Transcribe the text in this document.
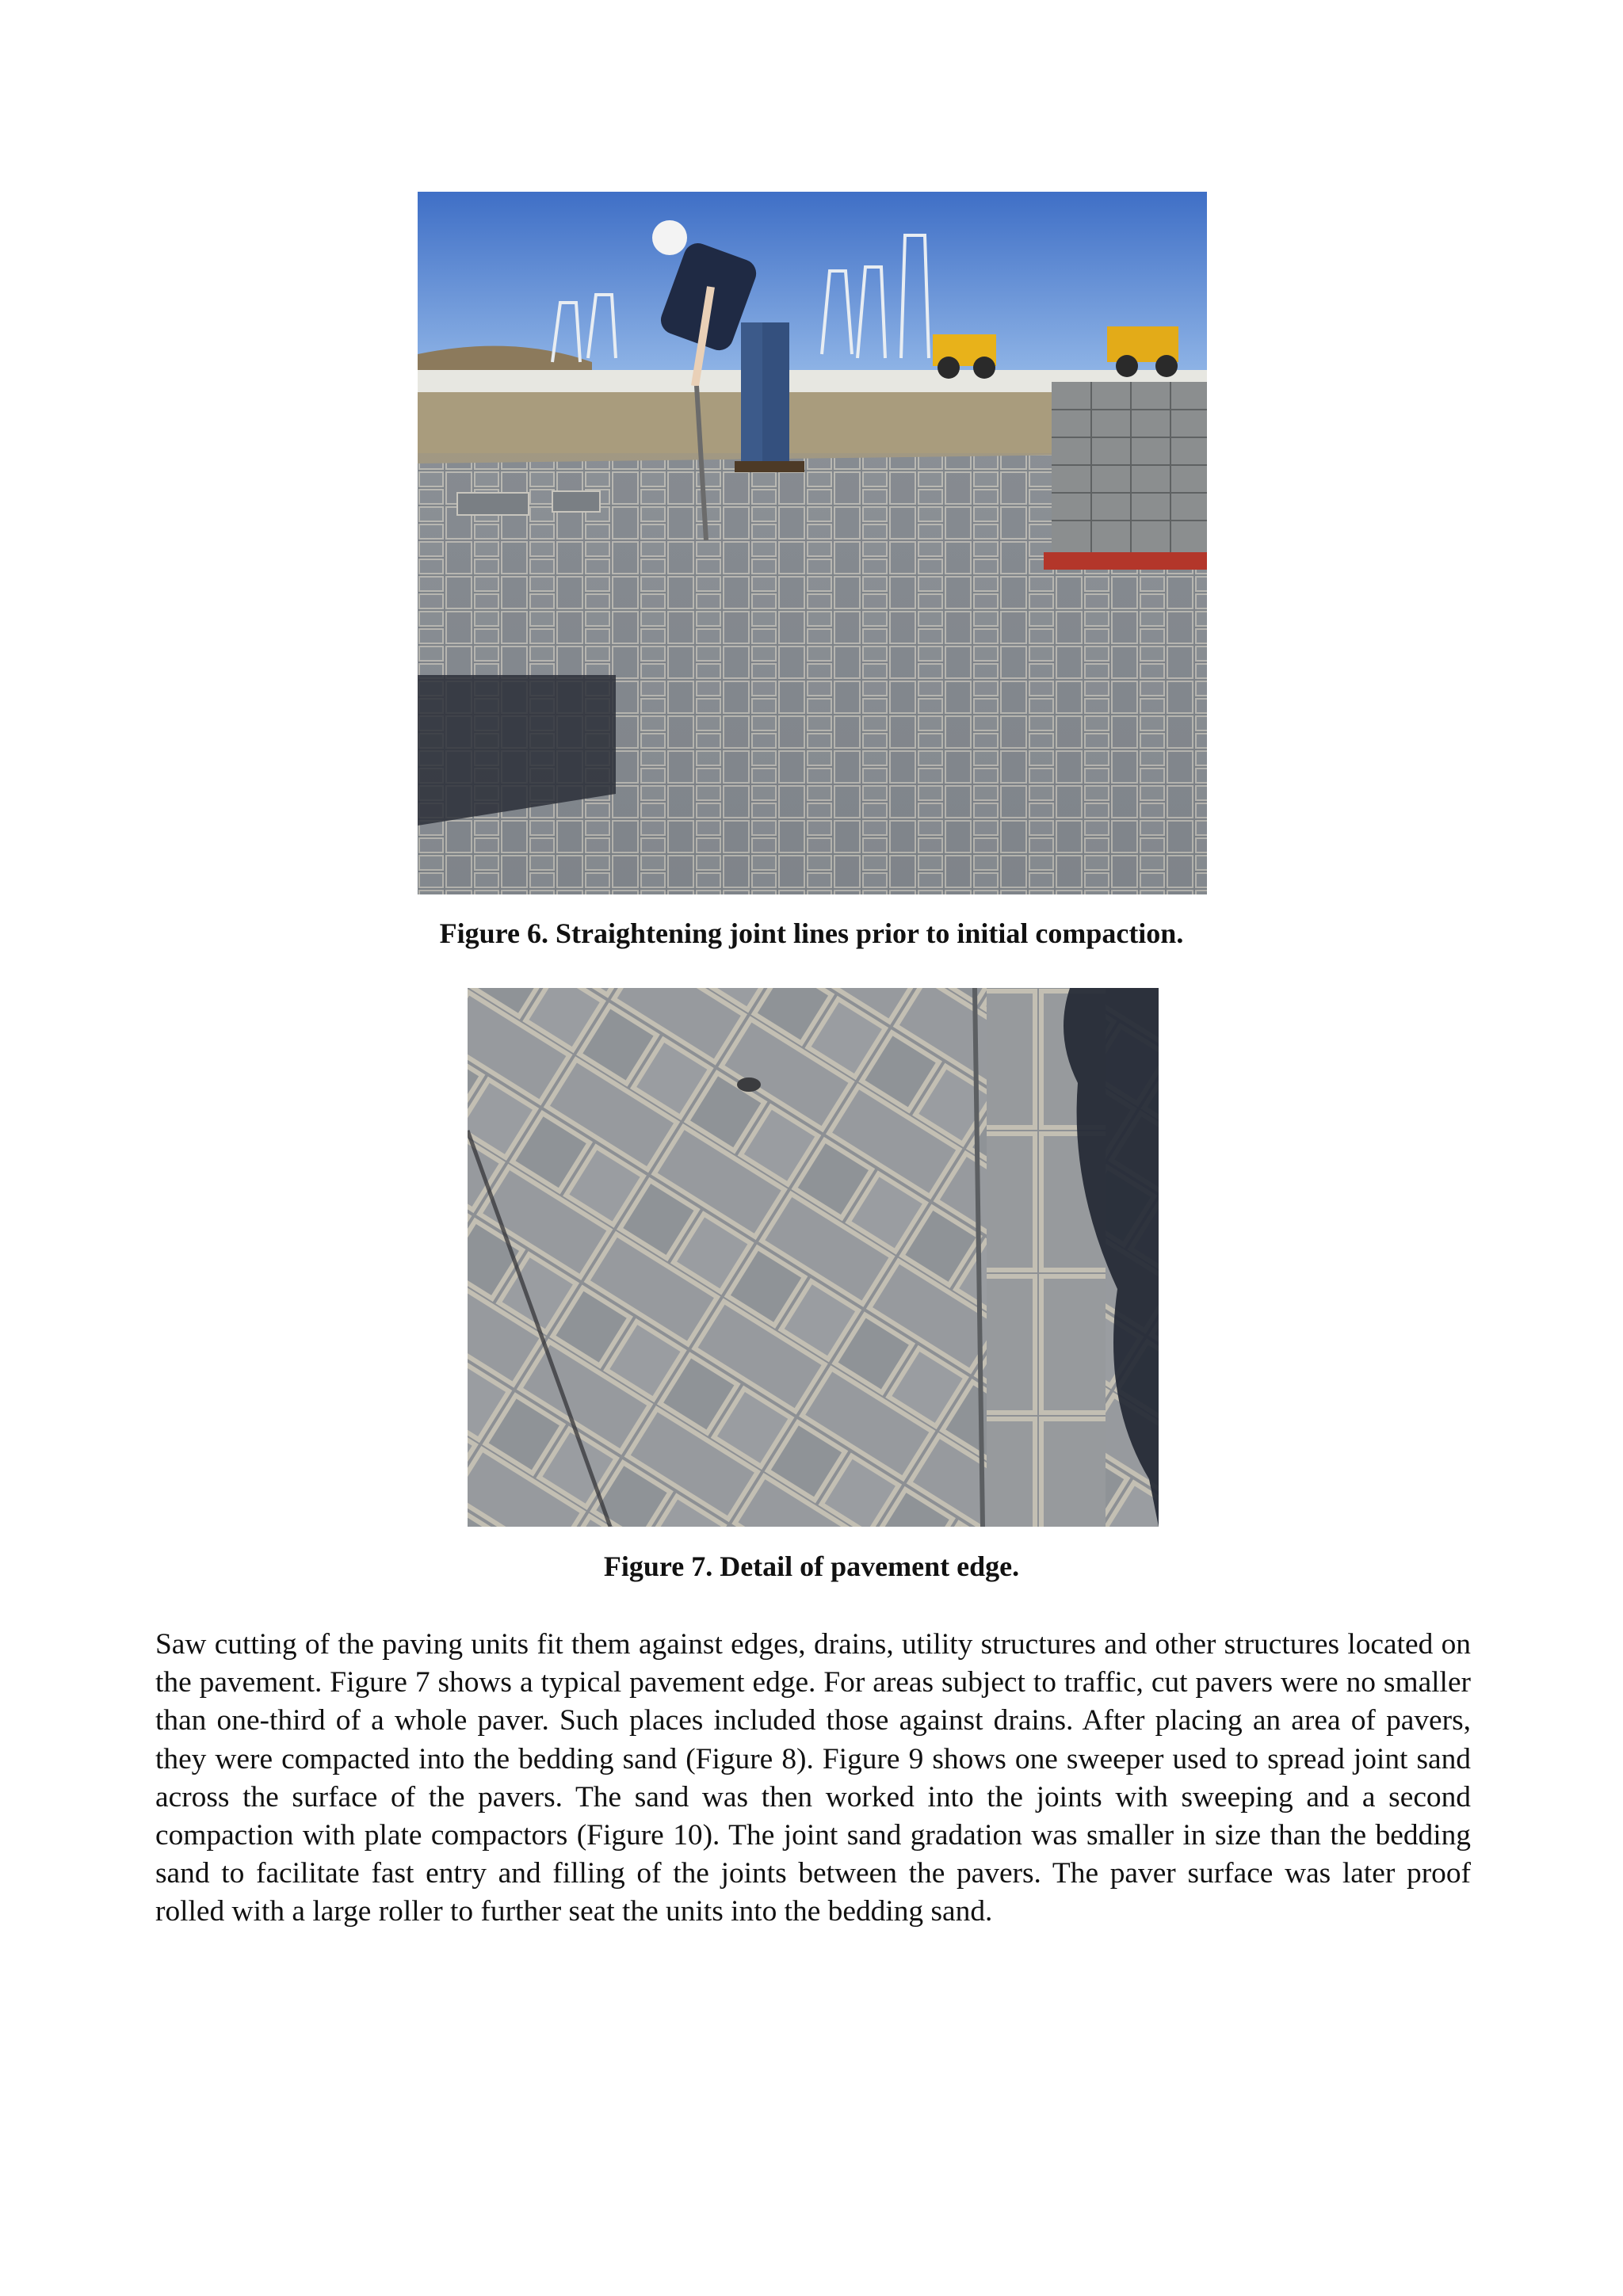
Figure 6. Straightening joint lines prior to initial compaction.
Figure 7. Detail of pavement edge.

Saw cutting of the paving units fit them against edges, drains, utility structures and other structures located on the pavement. Figure 7 shows a typical pavement edge. For areas subject to traffic, cut pavers were no smaller than one-third of a whole paver. Such places included those against drains. After placing an area of pavers, they were compacted into the bedding sand (Figure 8). Figure 9 shows one sweeper used to spread joint sand across the surface of the pavers. The sand was then worked into the joints with sweeping and a second compaction with plate compactors (Figure 10). The joint sand gradation was smaller in size than the bedding sand to facilitate fast entry and filling of the joints between the pavers. The paver surface was later proof rolled with a large roller to further seat the units into the bedding sand.
